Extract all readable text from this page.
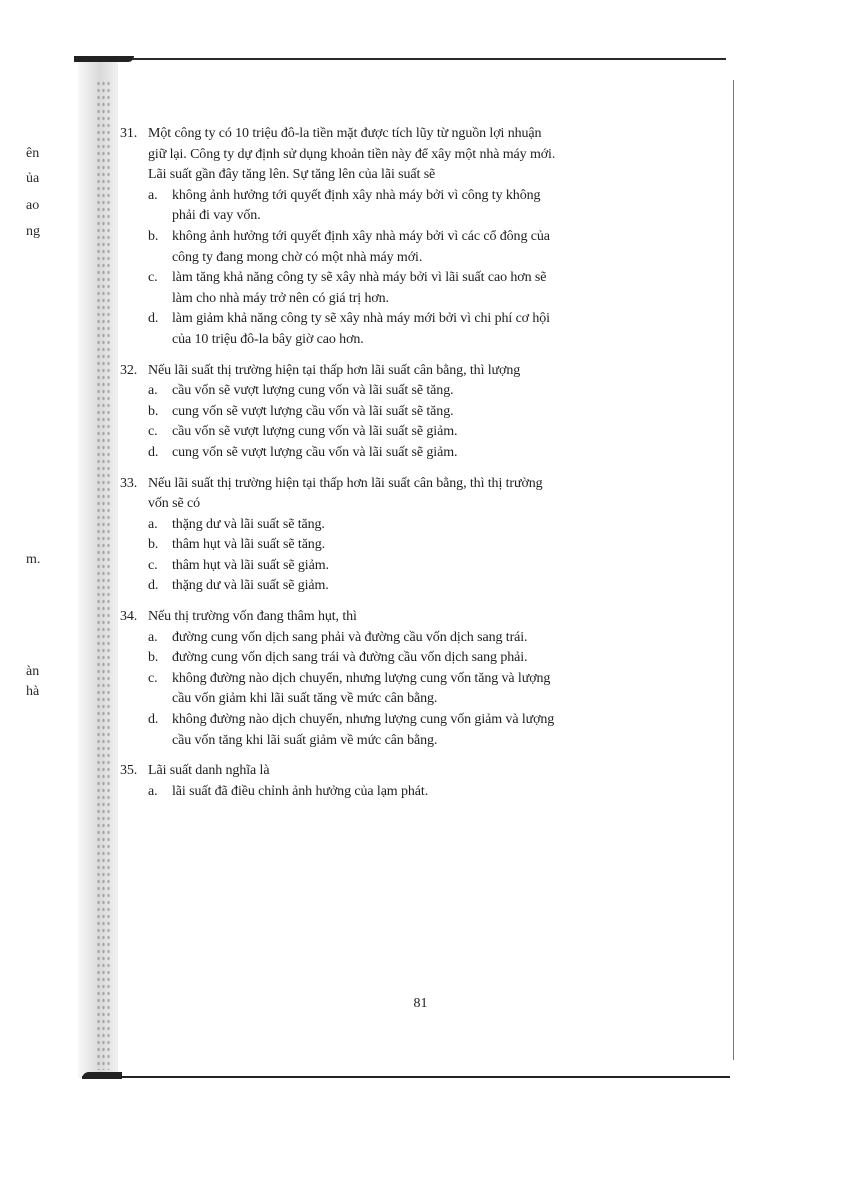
ên
ủa
ao
ng
m.
àn
hà
31. Một công ty có 10 triệu đô-la tiền mặt được tích lũy từ nguồn lợi nhuận
giữ lại. Công ty dự định sử dụng khoản tiền này để xây một nhà máy mới.
Lãi suất gần đây tăng lên. Sự tăng lên của lãi suất sẽ
a.	không ảnh hưởng tới quyết định xây nhà máy bởi vì công ty không
phải đi vay vốn.
b. không ảnh hưởng tới quyết định xây nhà máy bởi vì các cổ đông của
công ty đang mong chờ có một nhà máy mới.
c.	làm tăng khả năng công ty sẽ xây nhà máy bởi vì lãi suất cao hơn sẽ
làm cho nhà máy trở nên có giá trị hơn.
d. làm giảm khả năng công ty sẽ xây nhà máy mới bởi vì chi phí cơ hội
của 10 triệu đô-la bây giờ cao hơn.
32. Nếu lãi suất thị trường hiện tại thấp hơn lãi suất cân bằng, thì lượng
a.	cầu vốn sẽ vượt lượng cung vốn và lãi suất sẽ tăng.
b. cung vốn sẽ vượt lượng cầu vốn và lãi suất sẽ tăng.
c.	cầu vốn sẽ vượt lượng cung vốn và lãi suất sẽ giảm.
d. cung vốn sẽ vượt lượng cầu vốn và lãi suất sẽ giảm.
33. Nếu lãi suất thị trường hiện tại thấp hơn lãi suất cân bằng, thì thị trường
vốn sẽ có
a.	thặng dư và lãi suất sẽ tăng.
b. thâm hụt và lãi suất sẽ tăng.
c.	thâm hụt và lãi suất sẽ giảm.
d. thặng dư và lãi suất sẽ giảm.
34. Nếu thị trường vốn đang thâm hụt, thì
a.	đường cung vốn dịch sang phải và đường cầu vốn dịch sang trái.
b. đường cung vốn dịch sang trái và đường cầu vốn dịch sang phải.
c.	không đường nào dịch chuyển, nhưng lượng cung vốn tăng và lượng
cầu vốn giảm khi lãi suất tăng về mức cân bằng.
d. không đường nào dịch chuyển, nhưng lượng cung vốn giảm và lượng
cầu vốn tăng khi lãi suất giảm về mức cân bằng.
35. Lãi suất danh nghĩa là
a.	lãi suất đã điều chỉnh ảnh hưởng của lạm phát.
81
